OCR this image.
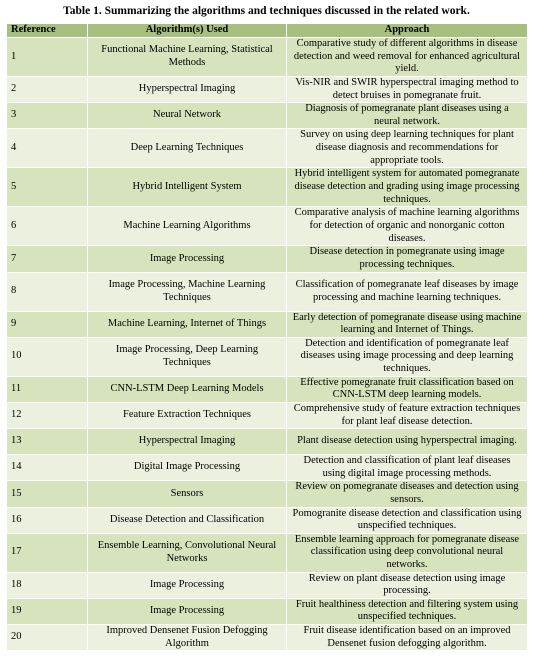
Table 1. Summarizing the algorithms and techniques discussed in the related work.
Reference	Algorithm(s) Used	Approach
1	Functional Machine Learning, Statistical Methods	Comparative study of different algorithms in disease detection and weed removal for enhanced agricultural yield.
2	Hyperspectral Imaging	Vis-NIR and SWIR hyperspectral imaging method to detect bruises in pomegranate fruit.
3	Neural Network	Diagnosis of pomegranate plant diseases using a neural network.
4	Deep Learning Techniques	Survey on using deep learning techniques for plant disease diagnosis and recommendations for appropriate tools.
5	Hybrid Intelligent System	Hybrid intelligent system for automated pomegranate disease detection and grading using image processing techniques.
6	Machine Learning Algorithms	Comparative analysis of machine learning algorithms for detection of organic and nonorganic cotton diseases.
7	Image Processing	Disease detection in pomegranate using image processing techniques.
8	Image Processing, Machine Learning Techniques	Classification of pomegranate leaf diseases by image processing and machine learning techniques.
9	Machine Learning, Internet of Things	Early detection of pomegranate disease using machine learning and Internet of Things.
10	Image Processing, Deep Learning Techniques	Detection and identification of pomegranate leaf diseases using image processing and deep learning techniques.
11	CNN-LSTM Deep Learning Models	Effective pomegranate fruit classification based on CNN-LSTM deep learning models.
12	Feature Extraction Techniques	Comprehensive study of feature extraction techniques for plant leaf disease detection.
13	Hyperspectral Imaging	Plant disease detection using hyperspectral imaging.
14	Digital Image Processing	Detection and classification of plant leaf diseases using digital image processing methods.
15	Sensors	Review on pomegranate diseases and detection using sensors.
16	Disease Detection and Classification	Pomogranite disease detection and classification using unspecified techniques.
17	Ensemble Learning, Convolutional Neural Networks	Ensemble learning approach for pomegranate disease classification using deep convolutional neural networks.
18	Image Processing	Review on plant disease detection using image processing.
19	Image Processing	Fruit healthiness detection and filtering system using unspecified techniques.
20	Improved Densenet Fusion Defogging Algorithm	Fruit disease identification based on an improved Densenet fusion defogging algorithm.
